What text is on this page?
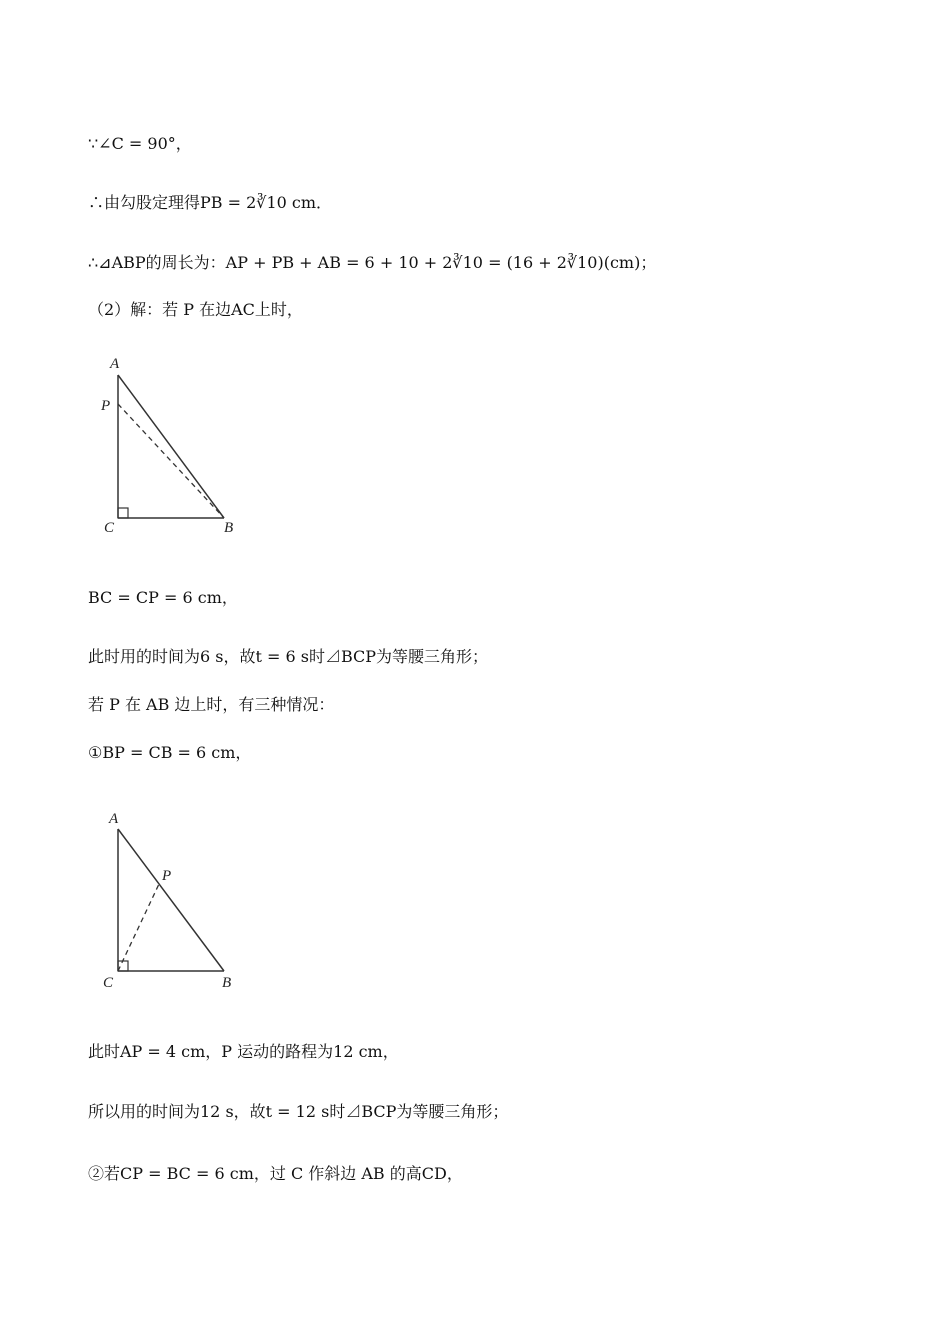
∵∠C = 90°，
∴由勾股定理得PB = 2∛10 cm．
∴⊿ABP的周长为：AP + PB + AB = 6 + 10 + 2∛10 = (16 + 2∛10)(cm)；
（2）解：若 P 在边AC上时，
A
P
C	B
BC = CP = 6 cm，
此时用的时间为6 s，故t = 6 s时⊿BCP为等腰三角形；
若 P 在 AB 边上时，有三种情况：
①BP = CB = 6 cm，
A
P
C	B
此时AP = 4 cm，P 运动的路程为12 cm，
所以用的时间为12 s，故t = 12 s时⊿BCP为等腰三角形；
②若CP = BC = 6 cm，过 C 作斜边 AB 的高CD，
